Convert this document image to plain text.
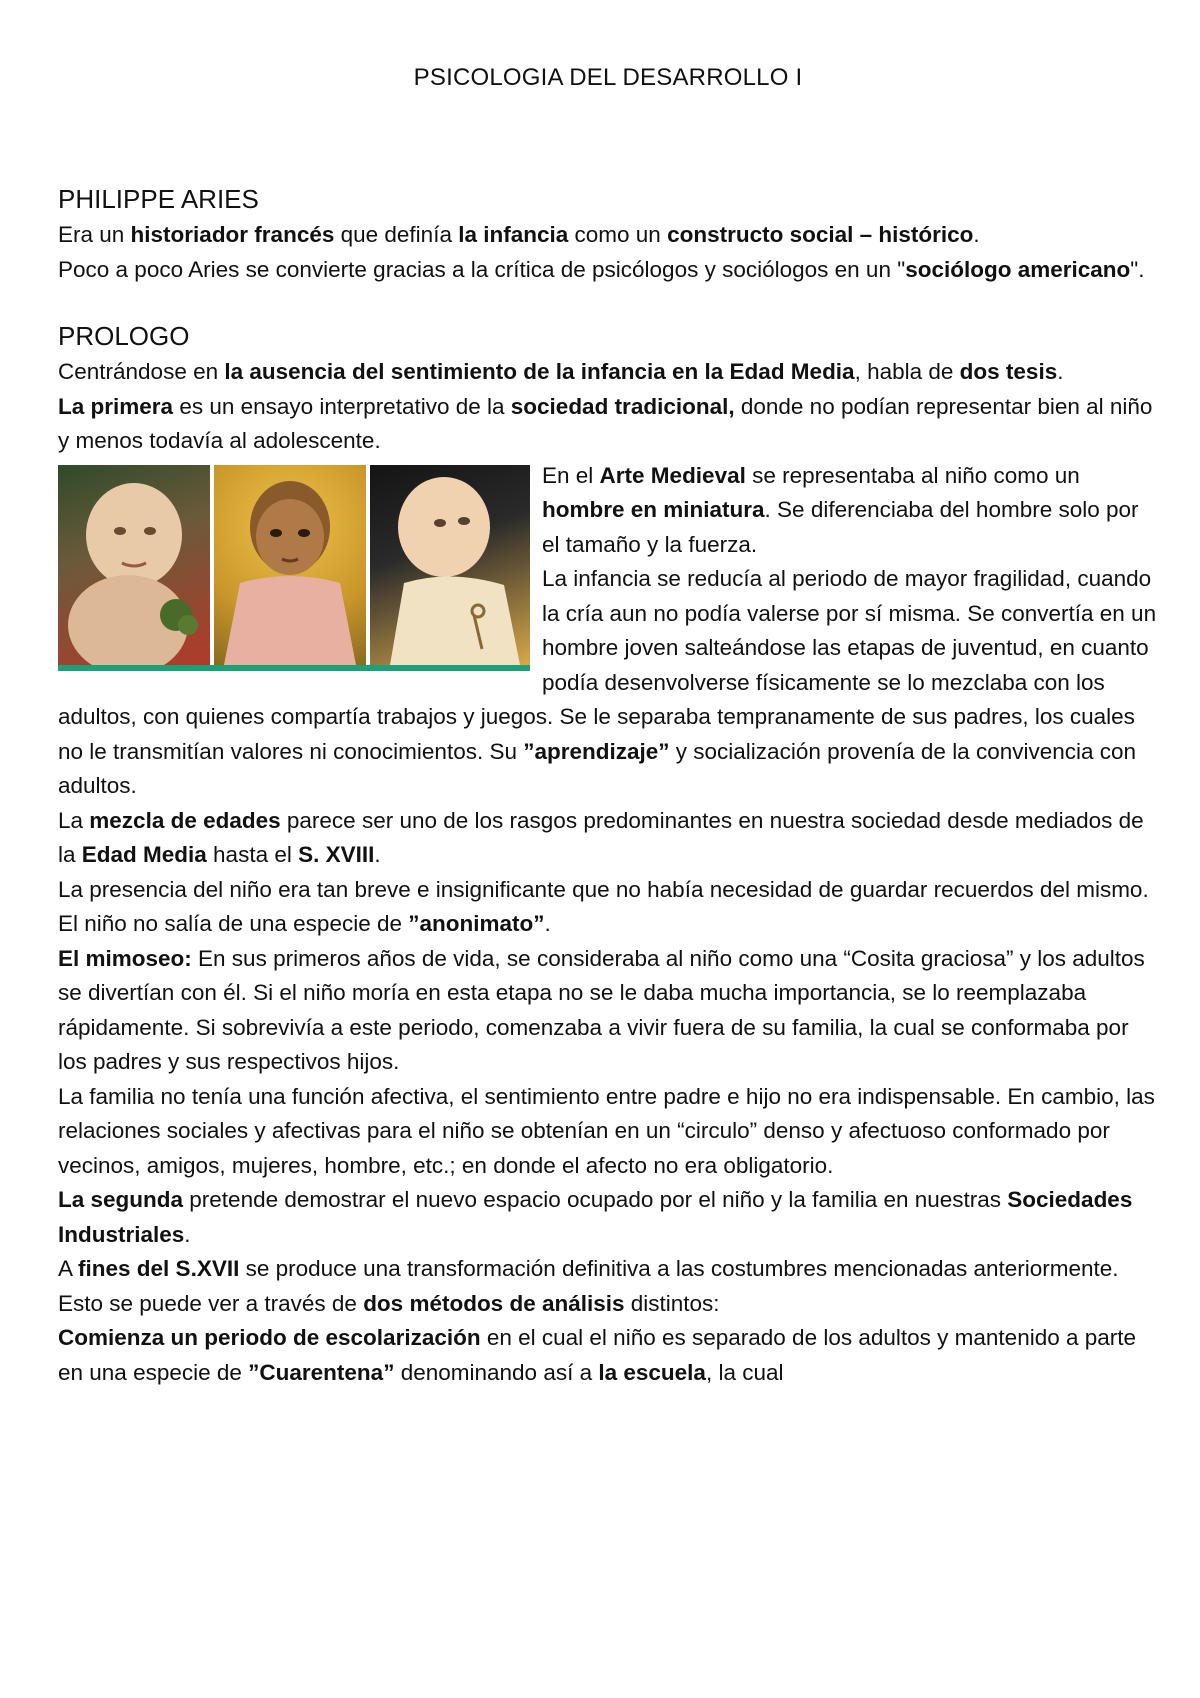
PSICOLOGIA DEL DESARROLLO I
PHILIPPE ARIES

Era un historiador francés que definía la infancia como un constructo social – histórico.

Poco a poco Aries se convierte gracias a la crítica de psicólogos y sociólogos en un "sociólogo americano".

PROLOGO

Centrándose en la ausencia del sentimiento de la infancia en la Edad Media, habla de dos tesis.

La primera es un ensayo interpretativo de la sociedad tradicional, donde no podían representar bien al niño y menos todavía al adolescente.

En el Arte Medieval se representaba al niño como un hombre en miniatura. Se diferenciaba del hombre solo por el tamaño y la fuerza.

La infancia se reducía al periodo de mayor fragilidad, cuando la cría aun no podía valerse por sí misma. Se convertía en un hombre joven salteándose las etapas de juventud, en cuanto podía desenvolverse físicamente se lo mezclaba con los adultos, con quienes compartía trabajos y juegos. Se le separaba tempranamente de sus padres, los cuales no le transmitían valores ni conocimientos. Su ”aprendizaje” y socialización provenía de la convivencia con adultos.

La mezcla de edades parece ser uno de los rasgos predominantes en nuestra sociedad desde mediados de la Edad Media hasta el S. XVIII.

La presencia del niño era tan breve e insignificante que no había necesidad de guardar recuerdos del mismo.

El niño no salía de una especie de ”anonimato”.

El mimoseo: En sus primeros años de vida, se consideraba al niño como una “Cosita graciosa” y los adultos se divertían con él. Si el niño moría en esta etapa no se le daba mucha importancia, se lo reemplazaba rápidamente. Si sobrevivía a este periodo, comenzaba a vivir fuera de su familia, la cual se conformaba por los padres y sus respectivos hijos.

La familia no tenía una función afectiva, el sentimiento entre padre e hijo no era indispensable. En cambio, las relaciones sociales y afectivas para el niño se obtenían en un “circulo” denso y afectuoso conformado por vecinos, amigos, mujeres, hombre, etc.; en donde el afecto no era obligatorio.

La segunda pretende demostrar el nuevo espacio ocupado por el niño y la familia en nuestras Sociedades Industriales.

A fines del S.XVII se produce una transformación definitiva a las costumbres mencionadas anteriormente. Esto se puede ver a través de dos métodos de análisis distintos:

Comienza un periodo de escolarización en el cual el niño es separado de los adultos y mantenido a parte en una especie de ”Cuarentena” denominando así a la escuela, la cual
